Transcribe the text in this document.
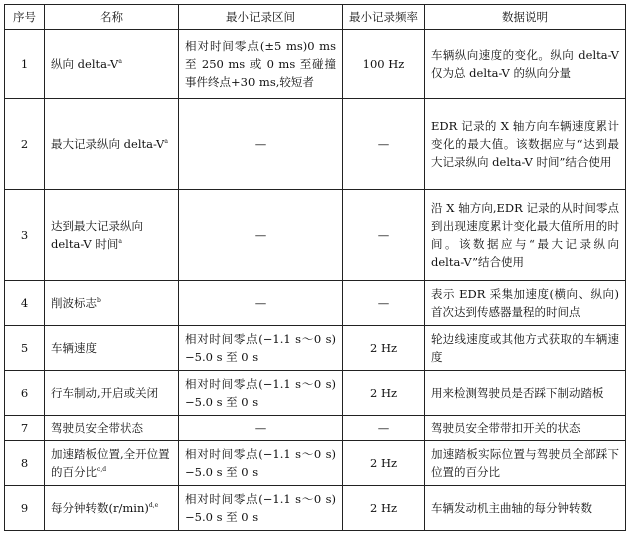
序号	名称	最小记录区间	最小记录频率	数据说明
1	纵向 delta-$V^a$	相对时间零点(±5 ms)0 ms至 250 ms 或 0 ms 至碰撞事件终点+30 ms,较短者	100 Hz	车辆纵向速度的变化。纵向 delta-V 仅为总 delta-V 的纵向分量
2	最大记录纵向 delta-$V^a$	—	—	EDR 记录的 X 轴方向车辆速度累计变化的最大值。该数据应与“达到最大记录纵向 delta-V 时间”结合使用
3	达到最大记录纵向 delta-V 时间$^a$	—	—	沿 X 轴方向,EDR 记录的从时间零点到出现速度累计变化最大值所用的时间。该数据应与“最大记录纵向 delta-V”结合使用
4	削波标志$^b$	—	—	表示 EDR 采集加速度(横向、纵向)首次达到传感器量程的时间点
5	车辆速度	相对时间零点(−1.1 s～0 s)−5.0 s 至 0 s	2 Hz	轮边线速度或其他方式获取的车辆速度
6	行车制动,开启或关闭	相对时间零点(−1.1 s～0 s)−5.0 s 至 0 s	2 Hz	用来检测驾驶员是否踩下制动踏板
7	驾驶员安全带状态	—	—	驾驶员安全带带扣开关的状态
8	加速踏板位置,全开位置的百分比$^{c,d}$	相对时间零点(−1.1 s～0 s)−5.0 s 至 0 s	2 Hz	加速踏板实际位置与驾驶员全部踩下位置的百分比
9	每分钟转数$(r/\min)^{d,e}$	相对时间零点(−1.1 s～0 s)−5.0 s 至 0 s	2 Hz	车辆发动机主曲轴的每分钟转数
